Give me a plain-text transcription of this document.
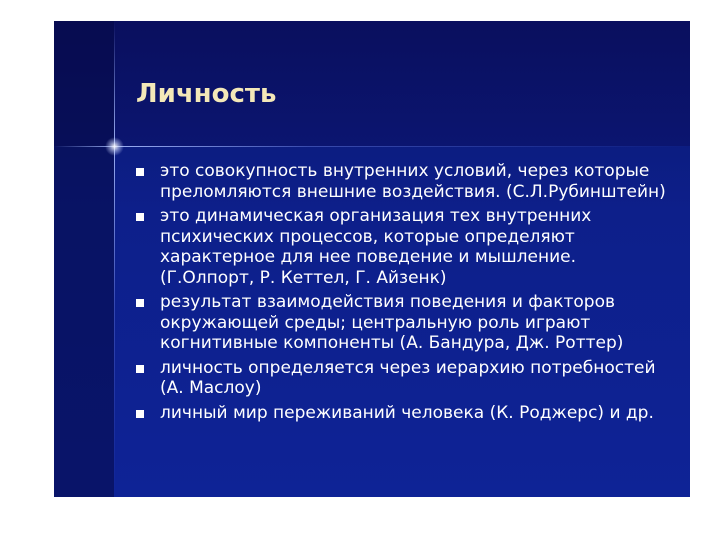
Личность
это совокупность внутренних условий, через которые преломляются внешние воздействия. (С.Л.Рубинштейн)
это динамическая организация тех внутренних психических процессов, которые определяют характерное для нее поведение и мышление. (Г.Олпорт, Р. Кеттел, Г. Айзенк)
результат взаимодействия поведения и факторов окружающей среды; центральную роль играют когнитивные компоненты (А. Бандура, Дж. Роттер)
личность определяется через иерархию потребностей (А. Маслоу)
личный мир переживаний человека (К. Роджерс) и др.
